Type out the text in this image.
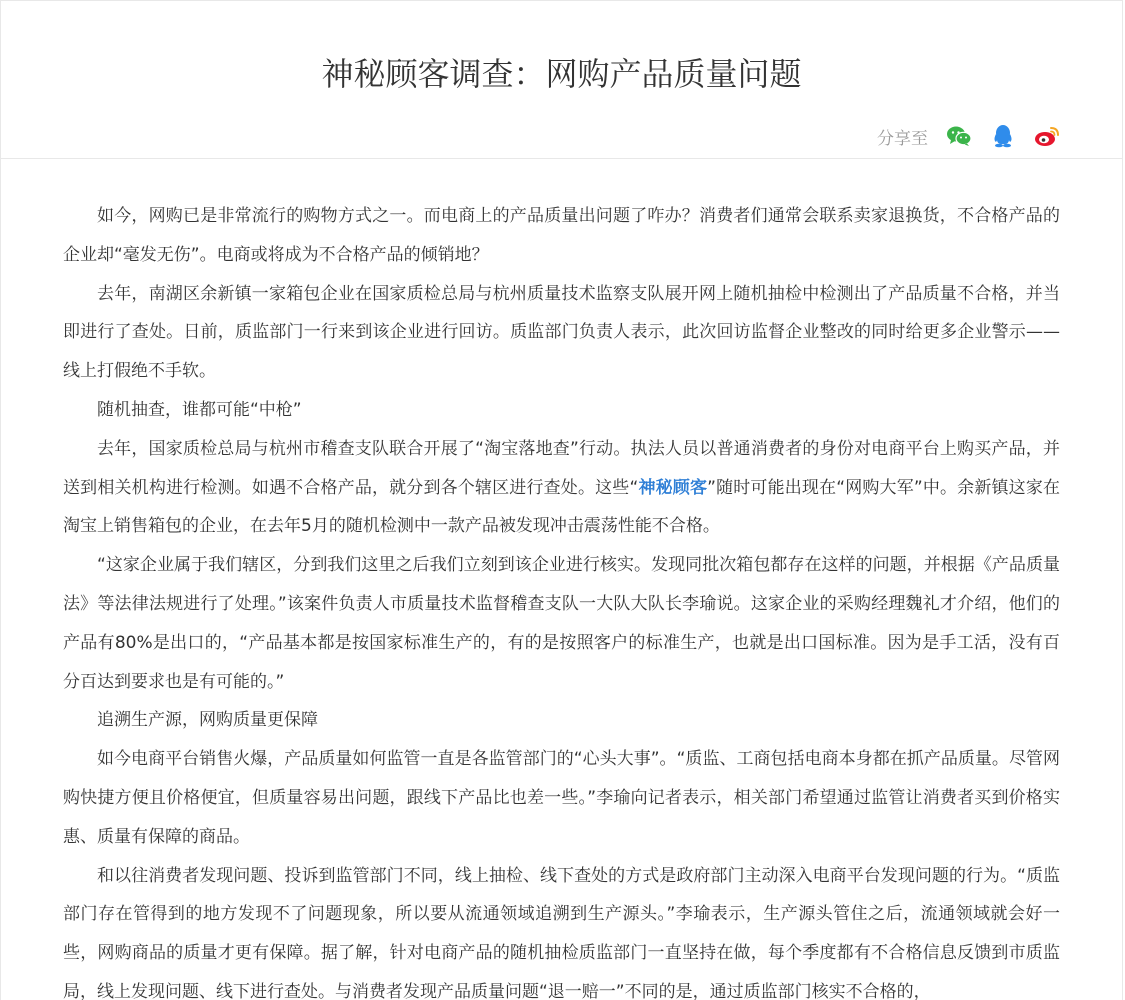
神秘顾客调查：网购产品质量问题
分享至

如今，网购已是非常流行的购物方式之一。而电商上的产品质量出问题了咋办？消费者们通常会联系卖家退换货，不合格产品的企业却“毫发无伤”。电商或将成为不合格产品的倾销地？

去年，南湖区余新镇一家箱包企业在国家质检总局与杭州质量技术监察支队展开网上随机抽检中检测出了产品质量不合格，并当即进行了查处。日前，质监部门一行来到该企业进行回访。质监部门负责人表示，此次回访监督企业整改的同时给更多企业警示——线上打假绝不手软。

随机抽查，谁都可能“中枪”

去年，国家质检总局与杭州市稽查支队联合开展了“淘宝落地查”行动。执法人员以普通消费者的身份对电商平台上购买产品，并送到相关机构进行检测。如遇不合格产品，就分到各个辖区进行查处。这些“神秘顾客”随时可能出现在“网购大军”中。余新镇这家在淘宝上销售箱包的企业，在去年5月的随机检测中一款产品被发现冲击震荡性能不合格。

“这家企业属于我们辖区，分到我们这里之后我们立刻到该企业进行核实。发现同批次箱包都存在这样的问题，并根据《产品质量法》等法律法规进行了处理。”该案件负责人市质量技术监督稽查支队一大队大队长李瑜说。这家企业的采购经理魏礼才介绍，他们的产品有80%是出口的，“产品基本都是按国家标准生产的，有的是按照客户的标准生产，也就是出口国标准。因为是手工活，没有百分百达到要求也是有可能的。”

追溯生产源，网购质量更保障

如今电商平台销售火爆，产品质量如何监管一直是各监管部门的“心头大事”。“质监、工商包括电商本身都在抓产品质量。尽管网购快捷方便且价格便宜，但质量容易出问题，跟线下产品比也差一些。”李瑜向记者表示，相关部门希望通过监管让消费者买到价格实惠、质量有保障的商品。

和以往消费者发现问题、投诉到监管部门不同，线上抽检、线下查处的方式是政府部门主动深入电商平台发现问题的行为。“质监部门存在管得到的地方发现不了问题现象，所以要从流通领域追溯到生产源头。”李瑜表示，生产源头管住之后，流通领域就会好一些，网购商品的质量才更有保障。据了解，针对电商产品的随机抽检质监部门一直坚持在做，每个季度都有不合格信息反馈到市质监局，线上发现问题、线下进行查处。与消费者发现产品质量问题“退一赔一”不同的是，通过质监部门核实不合格的，
